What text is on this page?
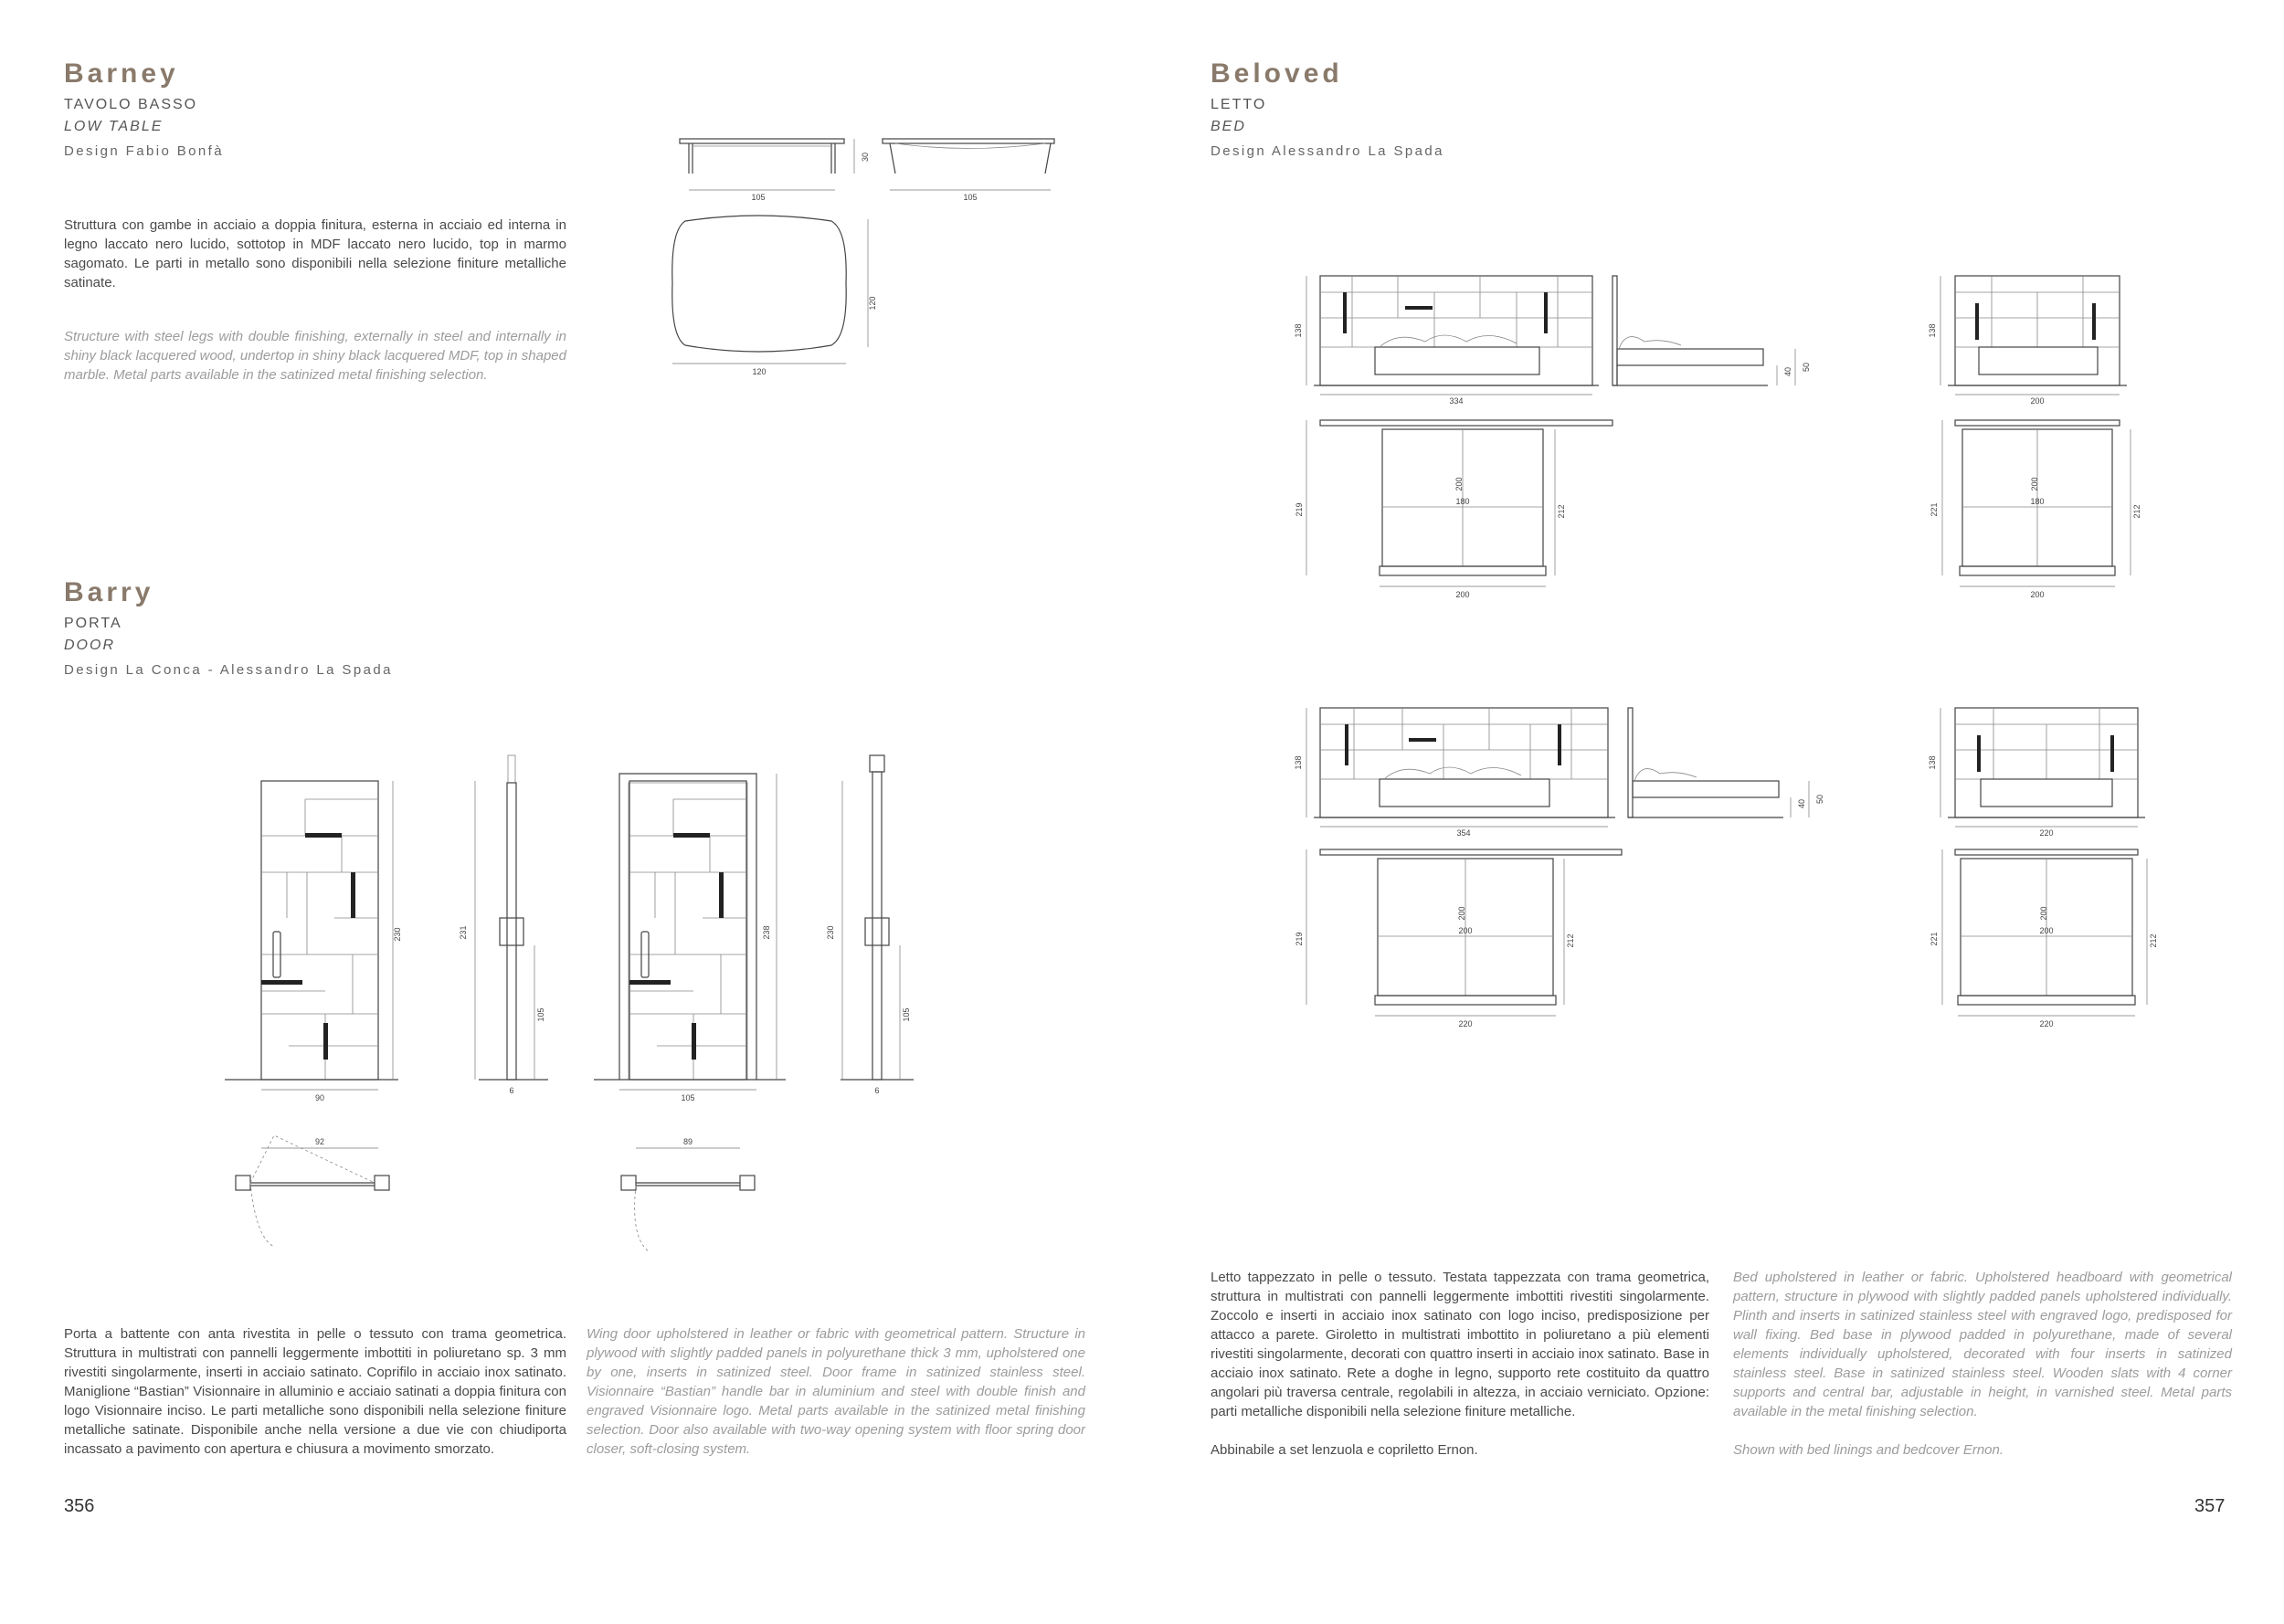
Barney
TAVOLO BASSO
LOW TABLE
Design Fabio Bonfà

Struttura con gambe in acciaio a doppia finitura, esterna in acciaio ed interna in legno laccato nero lucido, sottotop in MDF laccato nero lucido, top in marmo sagomato. Le parti in metallo sono disponibili nella selezione finiture metalliche satinate.

Structure with steel legs with double finishing, externally in steel and internally in shiny black lacquered wood, undertop in shiny black lacquered MDF, top in shaped marble. Metal parts available in the satinized metal finishing selection.

105
30
105
120
120
Barry
PORTA
DOOR
Design La Conca - Alessandro La Spada
230
90
231
105
6
238
105
230
105
6
92	89

Porta a battente con anta rivestita in pelle o tessuto con trama geometrica. Struttura in multistrati con pannelli leggermente imbottiti in poliuretano sp. 3 mm rivestiti singolarmente, inserti in acciaio satinato. Coprifilo in acciaio inox satinato. Maniglione “Bastian” Visionnaire in alluminio e acciaio satinati a doppia finitura con logo Visionnaire inciso. Le parti metalliche sono disponibili nella selezione finiture metalliche satinate. Disponibile anche nella versione a due vie con chiudiporta incassato a pavimento con apertura e chiusura a movimento smorzato.

Wing door upholstered in leather or fabric with geometrical pattern. Structure in plywood with slightly padded panels in polyurethane thick 3 mm, upholstered one by one, inserts in satinized steel. Door frame in satinized stainless steel. Visionnaire “Bastian” handle bar in aluminium and steel with double finish and engraved Visionnaire logo. Metal parts available in the satinized metal finishing selection. Door also available with two-way opening system with floor spring door closer, soft-closing system.

356
Beloved
LETTO
BED
Design Alessandro La Spada
138
334
40 50
138
200
219
200
180
212
200
221
200
180
212
200
138
354
40 50
138
220
219
200
200
212
220
221
200
200
212
220

Letto tappezzato in pelle o tessuto. Testata tappezzata con trama geometrica, struttura in multistrati con pannelli leggermente imbottiti rivestiti singolarmente. Zoccolo e inserti in acciaio inox satinato con logo inciso, predisposizione per attacco a parete. Giroletto in multistrati imbottito in poliuretano a più elementi rivestiti singolarmente, decorati con quattro inserti in acciaio inox satinato. Base in acciaio inox satinato. Rete a doghe in legno, supporto rete costituito da quattro angolari più traversa centrale, regolabili in altezza, in acciaio verniciato. Opzione: parti metalliche disponibili nella selezione finiture metalliche.

Abbinabile a set lenzuola e copriletto Ernon.

Bed upholstered in leather or fabric. Upholstered headboard with geometrical pattern, structure in plywood with slightly padded panels upholstered individually. Plinth and inserts in satinized stainless steel with engraved logo, predisposed for wall fixing. Bed base in plywood padded in polyurethane, made of several elements individually upholstered, decorated with four inserts in satinized stainless steel. Base in satinized stainless steel. Wooden slats with 4 corner supports and central bar, adjustable in height, in varnished steel. Metal parts available in the metal finishing selection.

Shown with bed linings and bedcover Ernon.

357
